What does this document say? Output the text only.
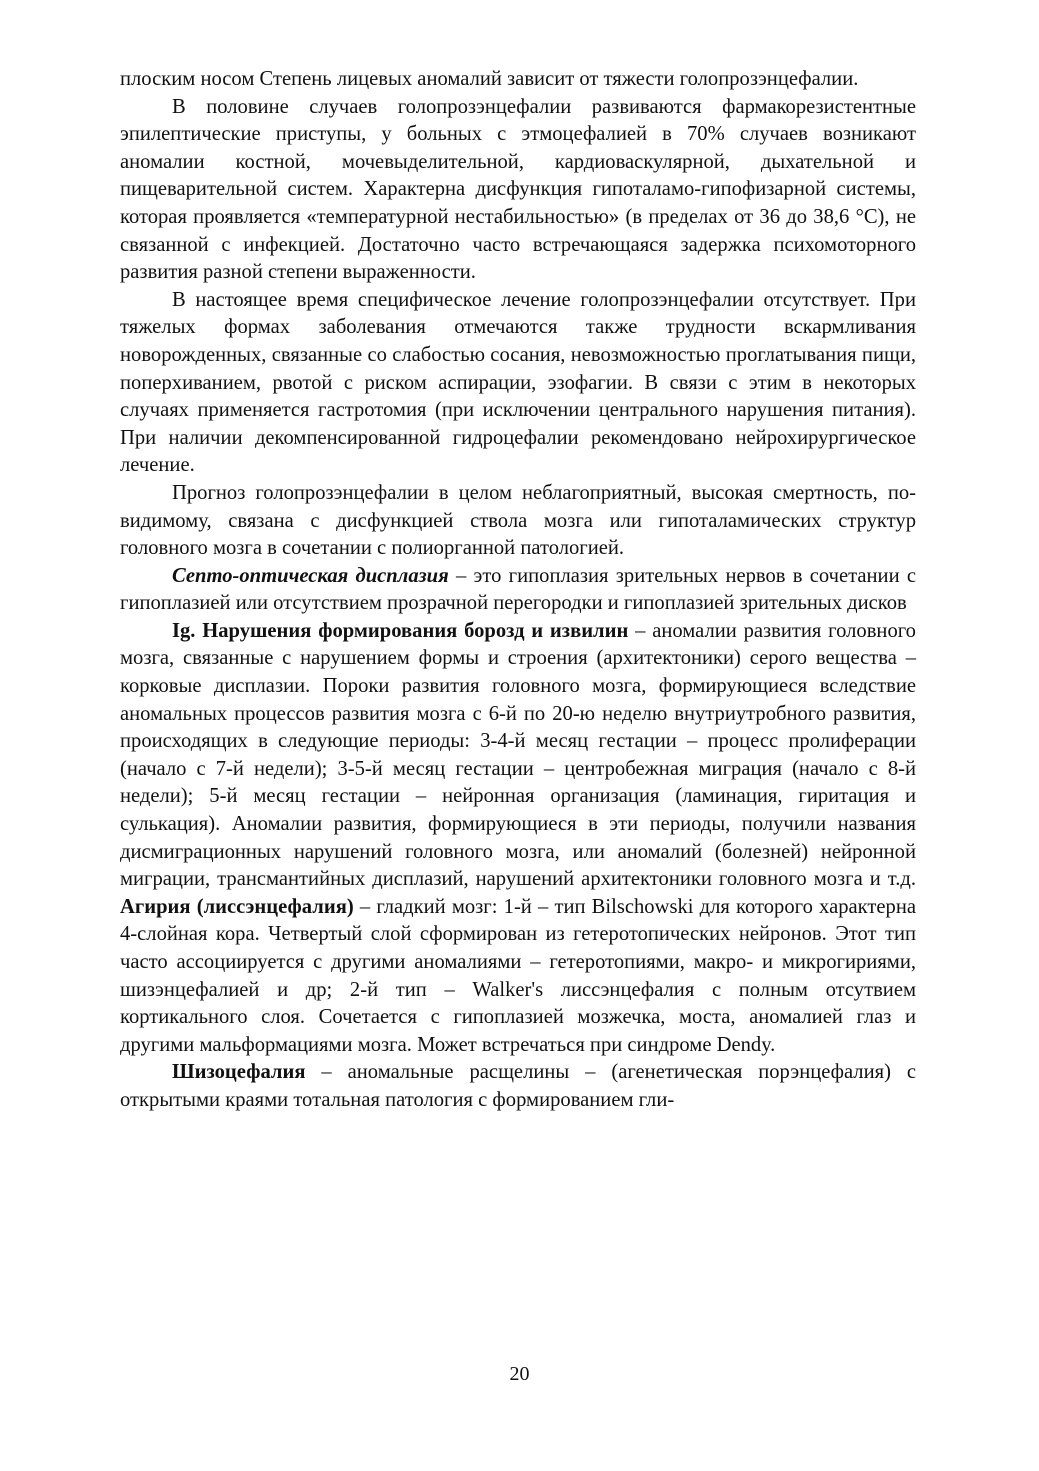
плоским носом Степень лицевых аномалий зависит от тяжести голопрозэнцефалии.

В половине случаев голопрозэнцефалии развиваются фармакорезистентные эпилептические приступы, у больных с этмоцефалией в 70% случаев возникают аномалии костной, мочевыделительной, кардиоваскулярной, дыхательной и пищеварительной систем. Характерна дисфункция гипоталамо-гипофизарной системы, которая проявляется «температурной нестабильностью» (в пределах от 36 до 38,6 °С), не связанной с инфекцией. Достаточно часто встречающаяся задержка психомоторного развития разной степени выраженности.

В настоящее время специфическое лечение голопрозэнцефалии отсутствует. При тяжелых формах заболевания отмечаются также трудности вскармливания новорожденных, связанные со слабостью сосания, невозможностью проглатывания пищи, поперхиванием, рвотой с риском аспирации, эзофагии. В связи с этим в некоторых случаях применяется гастротомия (при исключении центрального нарушения питания). При наличии декомпенсированной гидроцефалии рекомендовано нейрохирургическое лечение.

Прогноз голопрозэнцефалии в целом неблагоприятный, высокая смертность, по-видимому, связана с дисфункцией ствола мозга или гипоталамических структур головного мозга в сочетании с полиорганной патологией.

Септо-оптическая дисплазия – это гипоплазия зрительных нервов в сочетании с гипоплазией или отсутствием прозрачной перегородки и гипоплазией зрительных дисков

Ig. Нарушения формирования борозд и извилин – аномалии развития головного мозга, связанные с нарушением формы и строения (архитектоники) серого вещества – корковые дисплазии. Пороки развития головного мозга, формирующиеся вследствие аномальных процессов развития мозга с 6-й по 20-ю неделю внутриутробного развития, происходящих в следующие периоды: 3-4-й месяц гестации – процесс пролиферации (начало с 7-й недели); 3-5-й месяц гестации – центробежная миграция (начало с 8-й недели); 5-й месяц гестации – нейронная организация (ламинация, гиритация и сулькация). Аномалии развития, формирующиеся в эти периоды, получили названия дисмиграционных нарушений головного мозга, или аномалий (болезней) нейронной миграции, трансмантийных дисплазий, нарушений архитектоники головного мозга и т.д. Агирия (лиссэнцефалия) – гладкий мозг: 1-й – тип Bilschowski для которого характерна 4-слойная кора. Четвертый слой сформирован из гетеротопических нейронов. Этот тип часто ассоциируется с другими аномалиями – гетеротопиями, макро- и микрогириями, шизэнцефалией и др; 2-й тип – Walker's лиссэнцефалия с полным отсутвием кортикального слоя. Сочетается с гипоплазией мозжечка, моста, аномалией глаз и другими мальформациями мозга. Может встречаться при синдроме Dendy.

Шизоцефалия – аномальные расщелины – (агенетическая порэнцефалия) с открытыми краями тотальная патология с формированием гли-

20
